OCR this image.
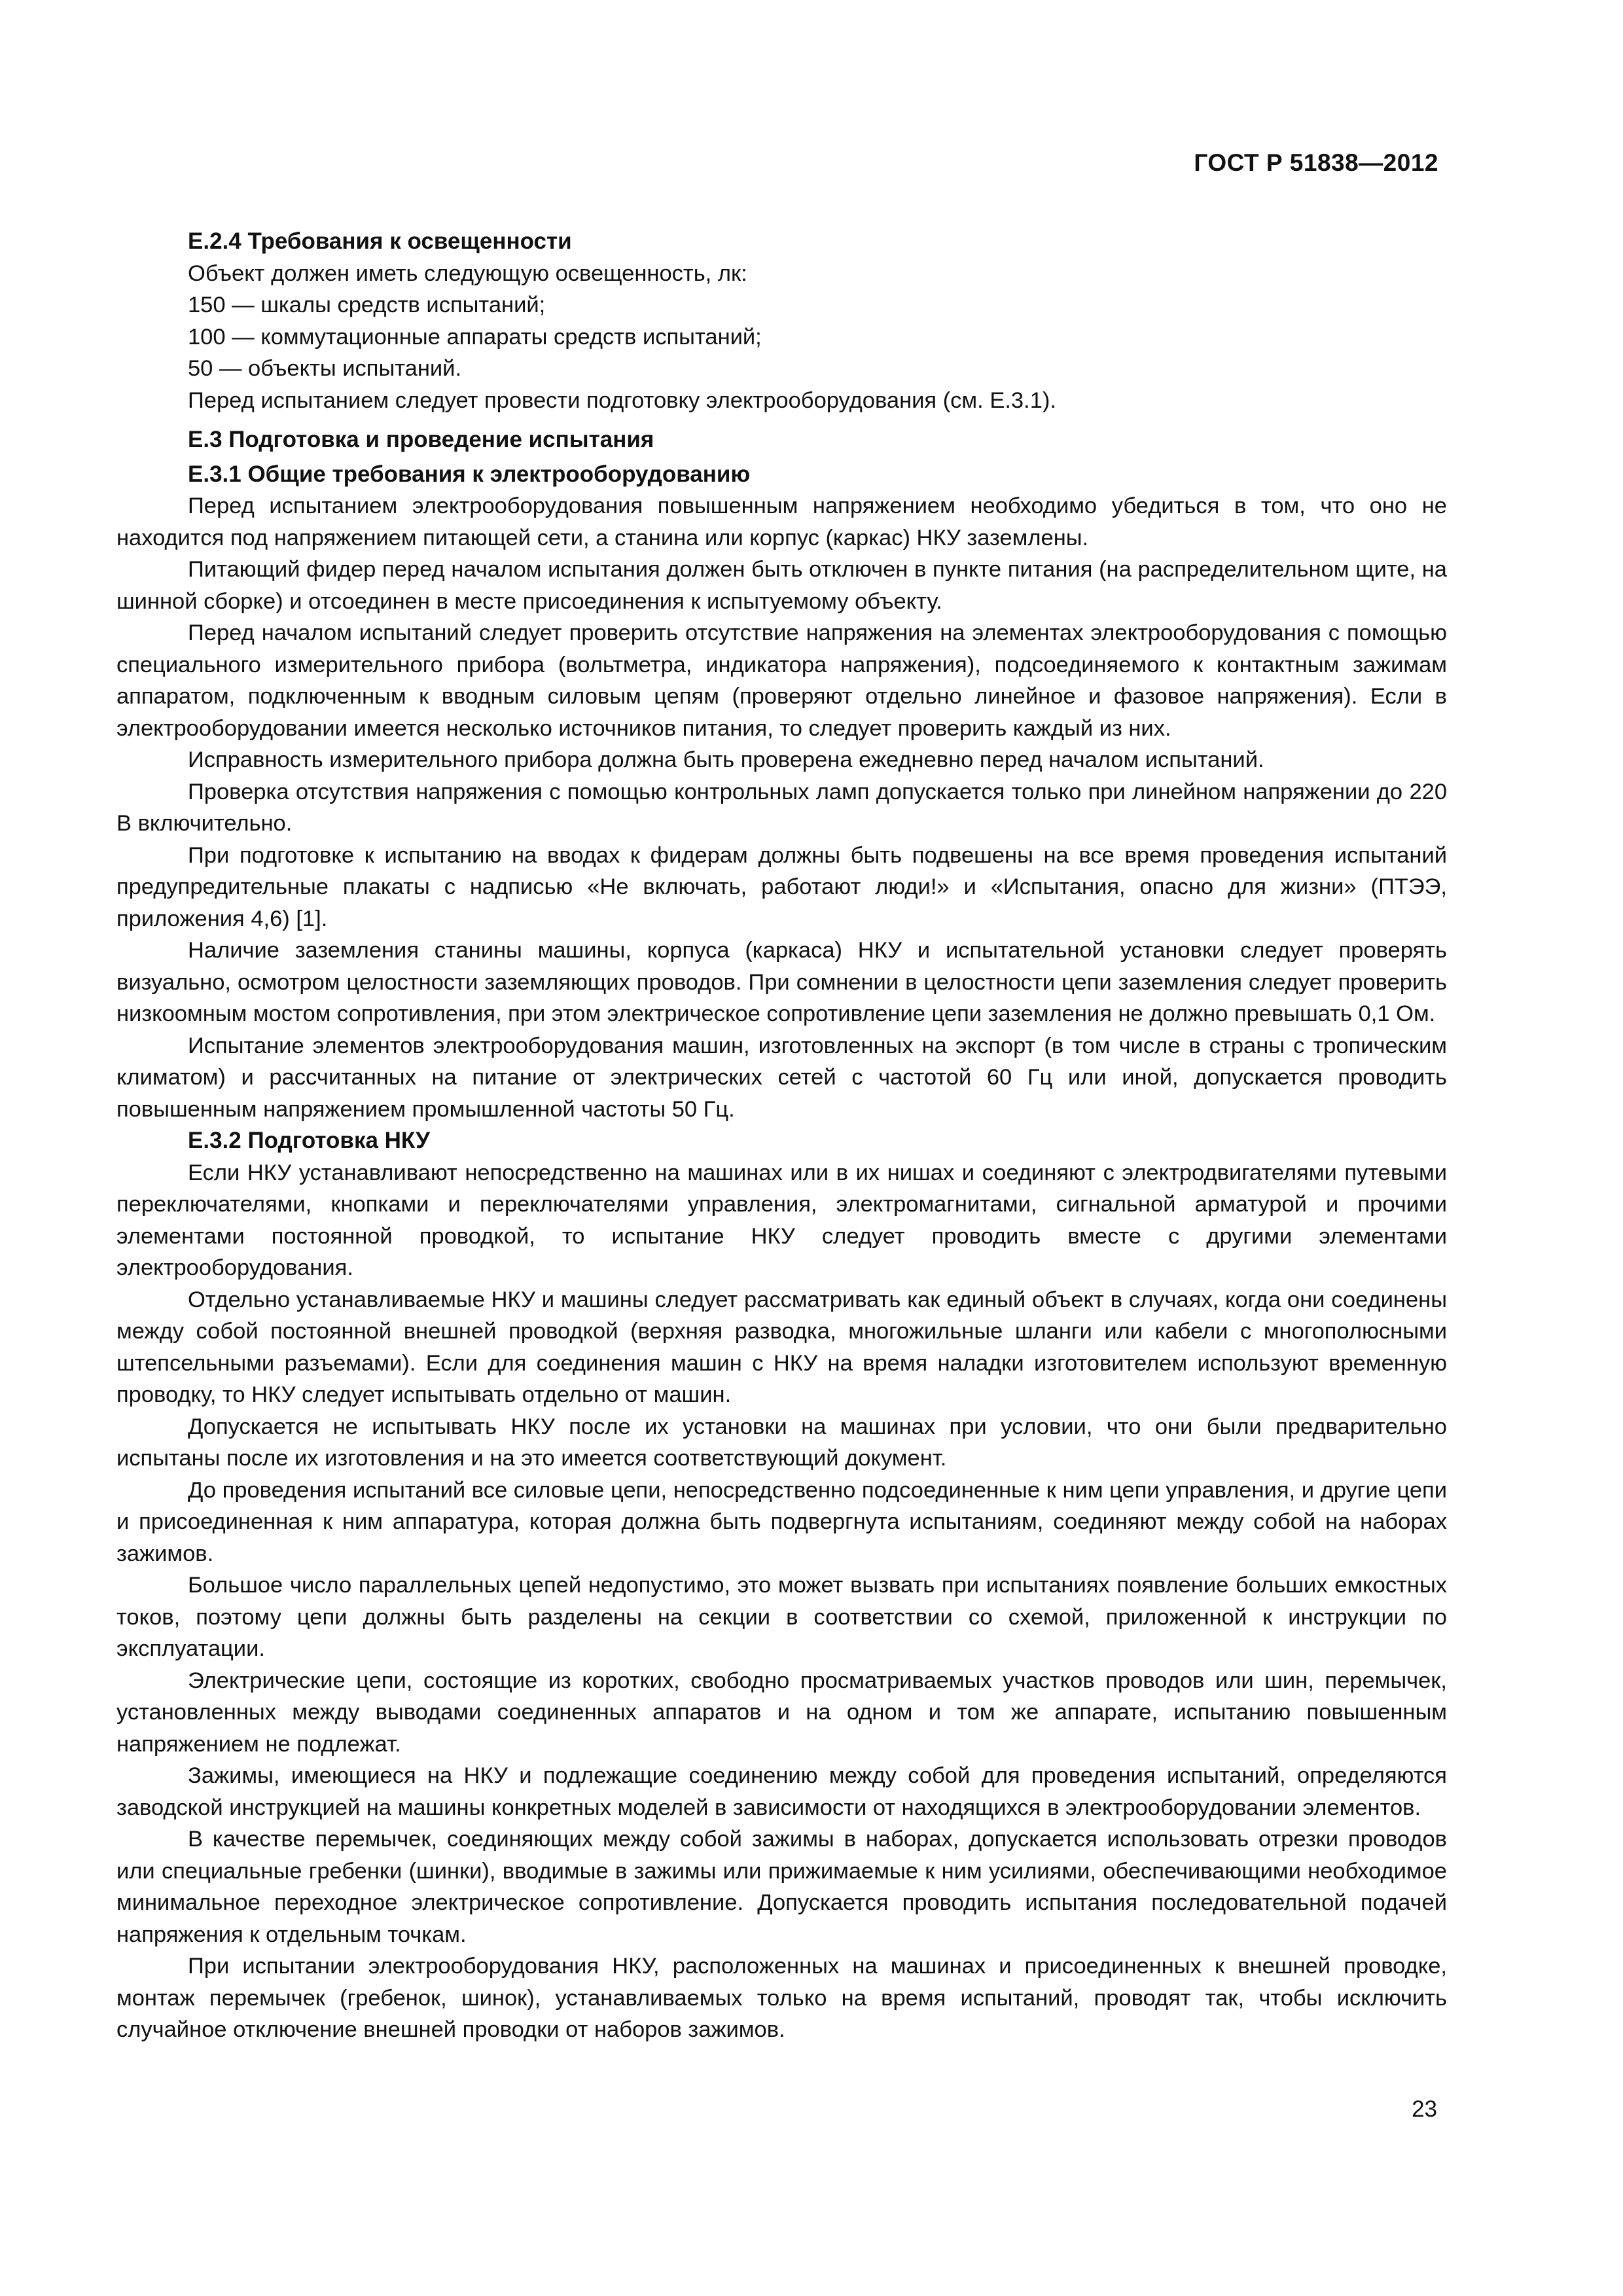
ГОСТ Р 51838—2012
Е.2.4 Требования к освещенности

Объект должен иметь следующую освещенность, лк:

150 — шкалы средств испытаний;

100 — коммутационные аппараты средств испытаний;

50 — объекты испытаний.

Перед испытанием следует провести подготовку электрооборудования (см. Е.3.1).

Е.3 Подготовка и проведение испытания
Е.3.1 Общие требования к электрооборудованию

Перед испытанием электрооборудования повышенным напряжением необходимо убедиться в том, что оно не находится под напряжением питающей сети, а станина или корпус (каркас) НКУ заземлены.

Питающий фидер перед началом испытания должен быть отключен в пункте питания (на распределительном щите, на шинной сборке) и отсоединен в месте присоединения к испытуемому объекту.

Перед началом испытаний следует проверить отсутствие напряжения на элементах электрооборудования с помощью специального измерительного прибора (вольтметра, индикатора напряжения), подсоединяемого к контактным зажимам аппаратом, подключенным к вводным силовым цепям (проверяют отдельно линейное и фазовое напряжения). Если в электрооборудовании имеется несколько источников питания, то следует проверить каждый из них.

Исправность измерительного прибора должна быть проверена ежедневно перед началом испытаний.

Проверка отсутствия напряжения с помощью контрольных ламп допускается только при линейном напряжении до 220 В включительно.

При подготовке к испытанию на вводах к фидерам должны быть подвешены на все время проведения испытаний предупредительные плакаты с надписью «Не включать, работают люди!» и «Испытания, опасно для жизни» (ПТЭЭ, приложения 4,6) [1].

Наличие заземления станины машины, корпуса (каркаса) НКУ и испытательной установки следует проверять визуально, осмотром целостности заземляющих проводов. При сомнении в целостности цепи заземления следует проверить низкоомным мостом сопротивления, при этом электрическое сопротивление цепи заземления не должно превышать 0,1 Ом.

Испытание элементов электрооборудования машин, изготовленных на экспорт (в том числе в страны с тропическим климатом) и рассчитанных на питание от электрических сетей с частотой 60 Гц или иной, допускается проводить повышенным напряжением промышленной частоты 50 Гц.

Е.3.2 Подготовка НКУ

Если НКУ устанавливают непосредственно на машинах или в их нишах и соединяют с электродвигателями путевыми переключателями, кнопками и переключателями управления, электромагнитами, сигнальной арматурой и прочими элементами постоянной проводкой, то испытание НКУ следует проводить вместе с другими элементами электрооборудования.

Отдельно устанавливаемые НКУ и машины следует рассматривать как единый объект в случаях, когда они соединены между собой постоянной внешней проводкой (верхняя разводка, многожильные шланги или кабели с многополюсными штепсельными разъемами). Если для соединения машин с НКУ на время наладки изготовителем используют временную проводку, то НКУ следует испытывать отдельно от машин.

Допускается не испытывать НКУ после их установки на машинах при условии, что они были предварительно испытаны после их изготовления и на это имеется соответствующий документ.

До проведения испытаний все силовые цепи, непосредственно подсоединенные к ним цепи управления, и другие цепи и присоединенная к ним аппаратура, которая должна быть подвергнута испытаниям, соединяют между собой на наборах зажимов.

Большое число параллельных цепей недопустимо, это может вызвать при испытаниях появление больших емкостных токов, поэтому цепи должны быть разделены на секции в соответствии со схемой, приложенной к инструкции по эксплуатации.

Электрические цепи, состоящие из коротких, свободно просматриваемых участков проводов или шин, перемычек, установленных между выводами соединенных аппаратов и на одном и том же аппарате, испытанию повышенным напряжением не подлежат.

Зажимы, имеющиеся на НКУ и подлежащие соединению между собой для проведения испытаний, определяются заводской инструкцией на машины конкретных моделей в зависимости от находящихся в электрооборудовании элементов.

В качестве перемычек, соединяющих между собой зажимы в наборах, допускается использовать отрезки проводов или специальные гребенки (шинки), вводимые в зажимы или прижимаемые к ним усилиями, обеспечивающими необходимое минимальное переходное электрическое сопротивление. Допускается проводить испытания последовательной подачей напряжения к отдельным точкам.

При испытании электрооборудования НКУ, расположенных на машинах и присоединенных к внешней проводке, монтаж перемычек (гребенок, шинок), устанавливаемых только на время испытаний, проводят так, чтобы исключить случайное отключение внешней проводки от наборов зажимов.

23
